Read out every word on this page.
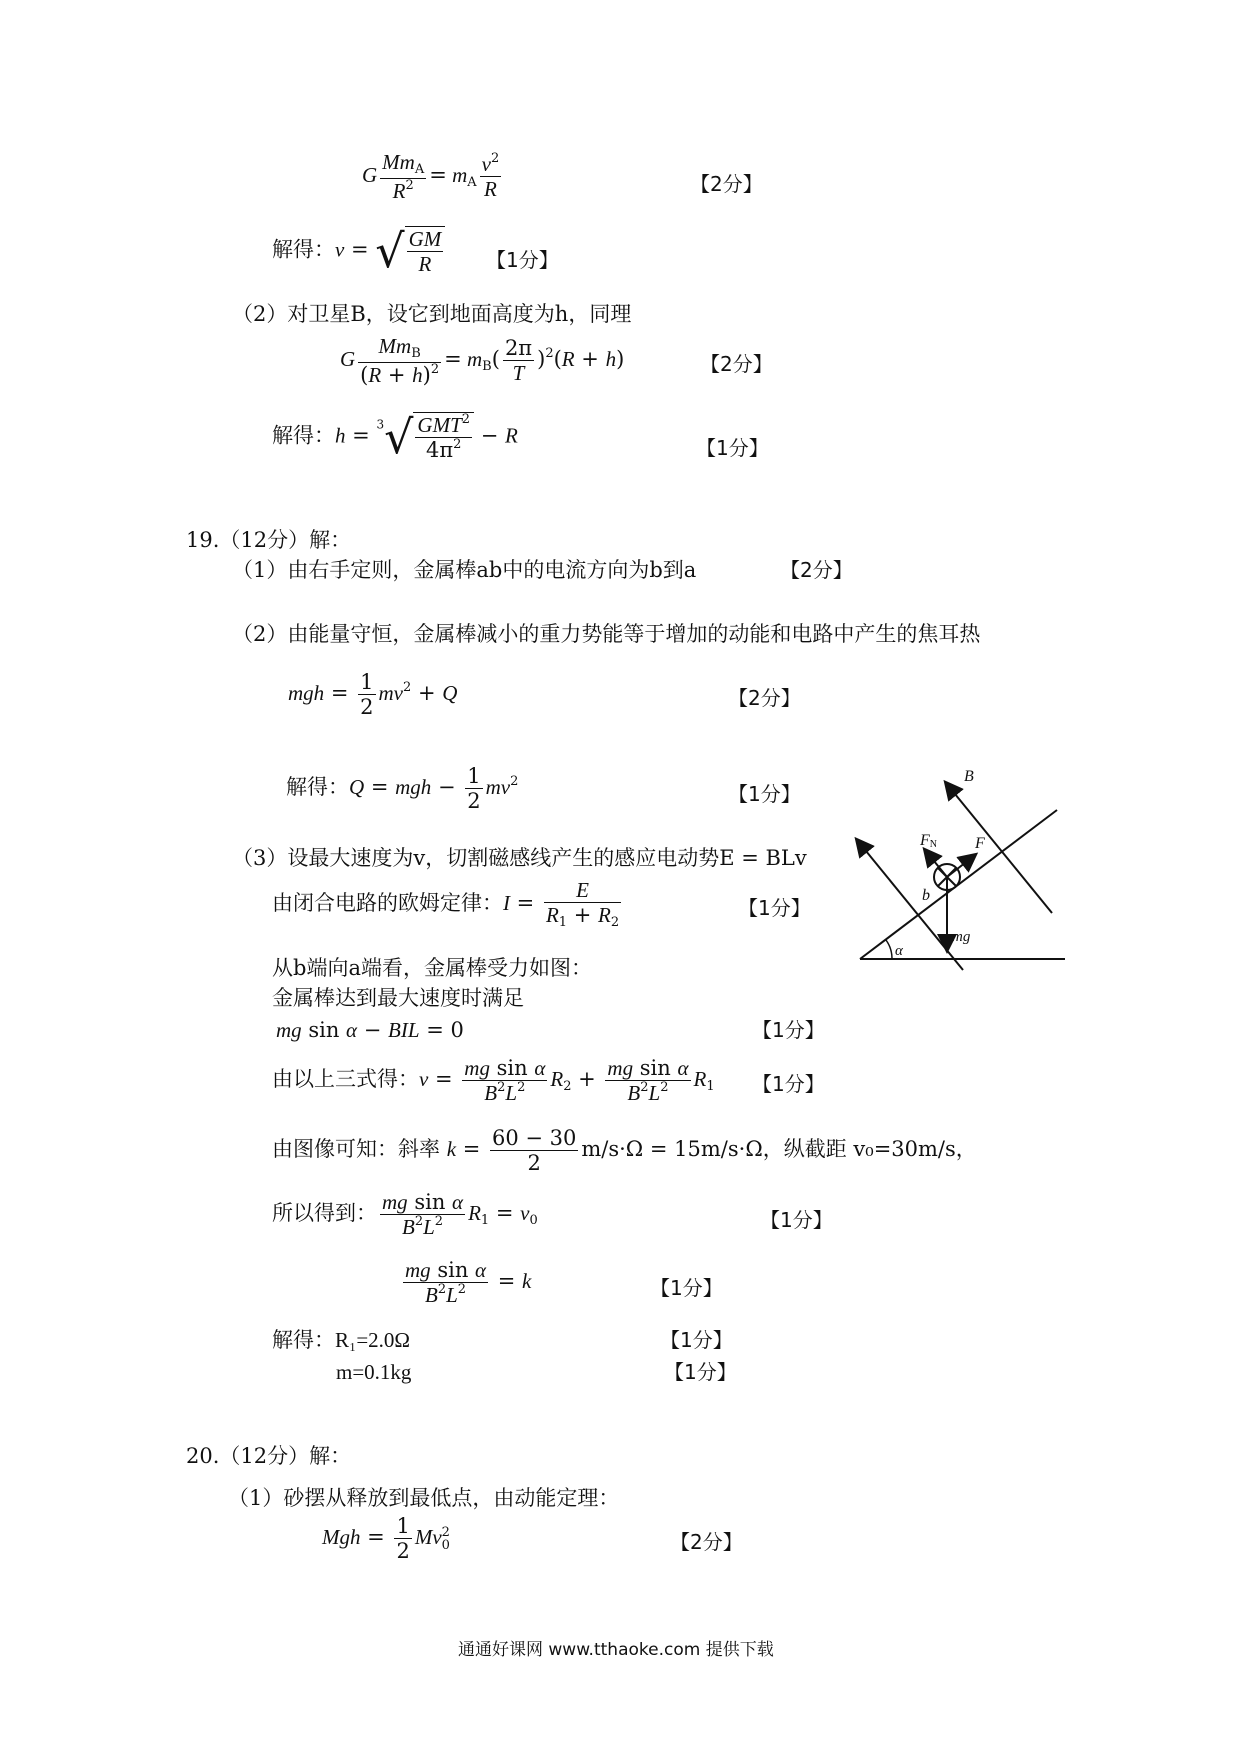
G $\frac{Mm_A}{R^2} = m_A \frac{v^2}{R}$	【2分】
解得：v = √ $\frac{GM}{R}$ 【1分】
（2）对卫星B，设它到地面高度为h，同理
G $\frac{Mm_B}{(R + h)^2} = m_B( \frac{2\pi}{T} )^2(R + h)$	【2分】
解得：$h = ^3√ \frac{GMT^2}{4\pi^2} - R$
【1分】
19.（12分）解：
（1）由右手定则，金属棒ab中的电流方向为b到a	【2分】
（2）由能量守恒，金属棒减小的重力势能等于增加的动能和电路中产生的焦耳热
mgh = $\frac{1}{2} mv^2 + Q$	【2分】
解得：Q = mgh − $\frac{1}{2} mv^2$
【1分】
（3）设最大速度为v，切割磁感线产生的感应电动势E = BLv
由闭合电路的欧姆定律：$I = \frac{E}{R_1 + R_2}$	【1分】
从b端向a端看，金属棒受力如图：
金属棒达到最大速度时满足
mg sin α − BIL = 0	【1分】
由以上三式得：$v = \frac{\text{mg sin α}}{B^2L^2} R_2 + \frac{\text{mg sin α}}{B^2L^2} R_1$ 【1分】
由图像可知：斜率 $k = \frac{60 - 30}{2} m/s\cdot\Omega = 15m/s\cdot\Omega$，纵截距 v₀=30m/s，
所以得到： $\frac{\text{mg sin α}}{B^2L^2} R_1 = v_0$	【1分】
$\frac{\text{mg sin α}}{B^2L^2} = k$	【1分】
解得：R₁=2.0Ω	【1分】
m=0.1kg	【1分】
B
FN F
b
mg
α
20.（12分）解：
（1）砂摆从释放到最低点，由动能定理：
Mgh = $\frac{1}{2}$ Mv 2
0	【2分】
通通好课网 www.tthaoke.com 提供下载
